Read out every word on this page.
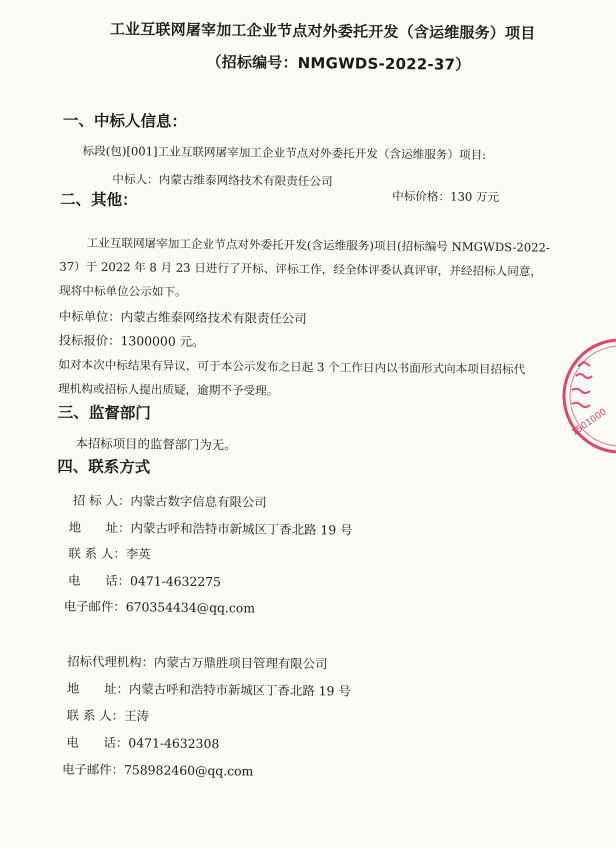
工业互联网屠宰加工企业节点对外委托开发（含运维服务）项目
（招标编号：NMGWDS-2022-37）
一、中标人信息：
标段(包)[001]工业互联网屠宰加工企业节点对外委托开发（含运维服务）项目:
中标人：内蒙古维泰网络技术有限责任公司
中标价格：130 万元
二、其他：
工业互联网屠宰加工企业节点对外委托开发(含运维服务)项目(招标编号 NMGWDS-2022-
37）于 2022 年 8 月 23 日进行了开标、评标工作，经全体评委认真评审，并经招标人同意，
现将中标单位公示如下。
中标单位：内蒙古维泰网络技术有限责任公司
投标报价：1300000 元。
如对本次中标结果有异议，可于本公示发布之日起 3 个工作日内以书面形式向本项目招标代
理机构或招标人提出质疑，逾期不予受理。
三、监督部门
本招标项目的监督部门为无。
四、联系方式
招 标 人：内蒙古数字信息有限公司
地　　址：内蒙古呼和浩特市新城区丁香北路 19 号
联 系 人：李英
电　　话：0471-4632275
电子邮件：670354434@qq.com
招标代理机构：内蒙古万鼎胜项目管理有限公司
地　　址：内蒙古呼和浩特市新城区丁香北路 19 号
联 系 人：王涛
电　　话：0471-4632308
电子邮件：758982460@qq.com
1501000
